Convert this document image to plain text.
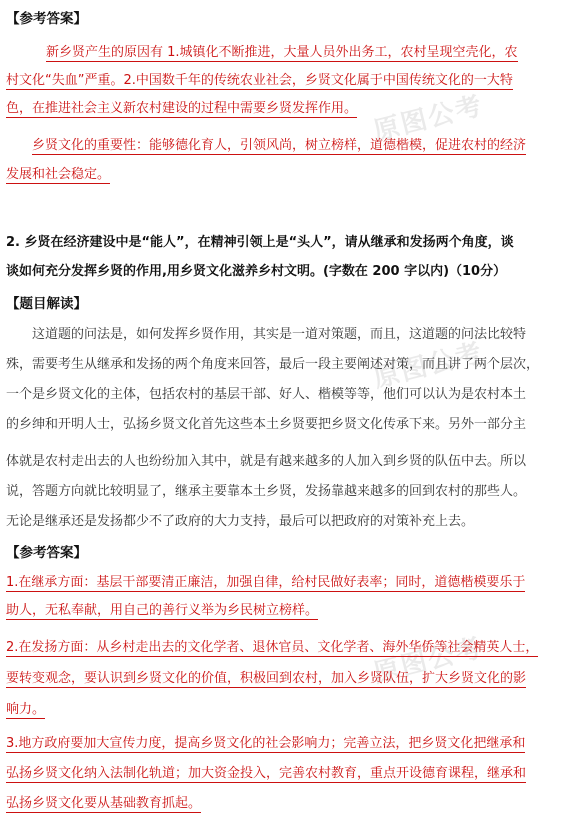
原图公考
原图公考
原图公考
【参考答案】
新乡贤产生的原因有 1.城镇化不断推进，大量人员外出务工，农村呈现空壳化，农
村文化“失血”严重。2.中国数千年的传统农业社会，乡贤文化属于中国传统文化的一大特
色，在推进社会主义新农村建设的过程中需要乡贤发挥作用。
乡贤文化的重要性：能够德化育人，引领风尚，树立榜样，道德楷模，促进农村的经济
发展和社会稳定。
2. 乡贤在经济建设中是“能人”，在精神引领上是“头人”，请从继承和发扬两个角度，谈
谈如何充分发挥乡贤的作用,用乡贤文化滋养乡村文明。(字数在 200 字以内)（10分）
【题目解读】
这道题的问法是，如何发挥乡贤作用，其实是一道对策题，而且，这道题的问法比较特
殊，需要考生从继承和发扬的两个角度来回答，最后一段主要阐述对策，而且讲了两个层次，
一个是乡贤文化的主体，包括农村的基层干部、好人、楷模等等，他们可以认为是农村本土
的乡绅和开明人士，弘扬乡贤文化首先这些本土乡贤要把乡贤文化传承下来。另外一部分主
体就是农村走出去的人也纷纷加入其中，就是有越来越多的人加入到乡贤的队伍中去。所以
说，答题方向就比较明显了，继承主要靠本土乡贤，发扬靠越来越多的回到农村的那些人。
无论是继承还是发扬都少不了政府的大力支持，最后可以把政府的对策补充上去。
【参考答案】
1.在继承方面：基层干部要清正廉洁，加强自律，给村民做好表率；同时，道德楷模要乐于
助人，无私奉献，用自己的善行义举为乡民树立榜样。
2.在发扬方面：从乡村走出去的文化学者、退休官员、文化学者、海外华侨等社会精英人士，
要转变观念，要认识到乡贤文化的价值，积极回到农村，加入乡贤队伍，扩大乡贤文化的影
响力。
3.地方政府要加大宣传力度，提高乡贤文化的社会影响力；完善立法，把乡贤文化把继承和
弘扬乡贤文化纳入法制化轨道；加大资金投入，完善农村教育，重点开设德育课程，继承和
弘扬乡贤文化要从基础教育抓起。
